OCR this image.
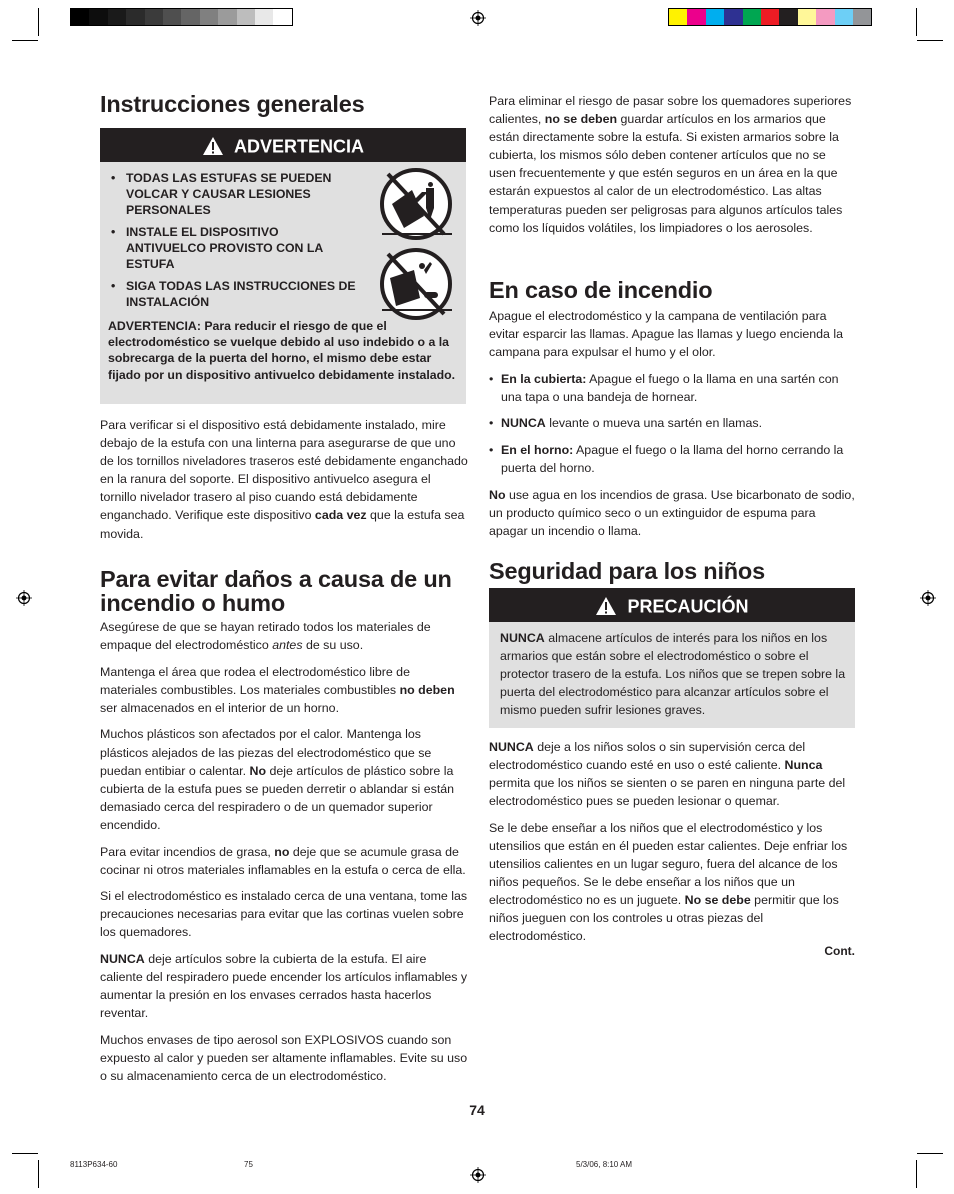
Instrucciones generales
ADVERTENCIA
• TODAS LAS ESTUFAS SE PUEDEN VOLCAR Y CAUSAR LESIONES PERSONALES
• INSTALE EL DISPOSITIVO ANTIVUELCO PROVISTO CON LA ESTUFA
• SIGA TODAS LAS INSTRUCCIONES DE INSTALACIÓN
ADVERTENCIA: Para reducir el riesgo de que el electrodoméstico se vuelque debido al uso indebido o a la sobrecarga de la puerta del horno, el mismo debe estar fijado por un dispositivo antivuelco debidamente instalado.

Para verificar si el dispositivo está debidamente instalado, mire debajo de la estufa con una linterna para asegurarse de que uno de los tornillos niveladores traseros esté debidamente enganchado en la ranura del soporte. El dispositivo antivuelco asegura el tornillo nivelador trasero al piso cuando está debidamente enganchado. Verifique este dispositivo cada vez que la estufa sea movida.

Para evitar daños a causa de un incendio o humo

Asegúrese de que se hayan retirado todos los materiales de empaque del electrodoméstico antes de su uso.

Mantenga el área que rodea el electrodoméstico libre de materiales combustibles. Los materiales combustibles no deben ser almacenados en el interior de un horno.

Muchos plásticos son afectados por el calor. Mantenga los plásticos alejados de las piezas del electrodoméstico que se puedan entibiar o calentar. No deje artículos de plástico sobre la cubierta de la estufa pues se pueden derretir o ablandar si están demasiado cerca del respiradero o de un quemador superior encendido.

Para evitar incendios de grasa, no deje que se acumule grasa de cocinar ni otros materiales inflamables en la estufa o cerca de ella.

Si el electrodoméstico es instalado cerca de una ventana, tome las precauciones necesarias para evitar que las cortinas vuelen sobre los quemadores.

NUNCA deje artículos sobre la cubierta de la estufa. El aire caliente del respiradero puede encender los artículos inflamables y aumentar la presión en los envases cerrados hasta hacerlos reventar.

Muchos envases de tipo aerosol son EXPLOSIVOS cuando son expuesto al calor y pueden ser altamente inflamables. Evite su uso o su almacenamiento cerca de un electrodoméstico.

Para eliminar el riesgo de pasar sobre los quemadores superiores calientes, no se deben guardar artículos en los armarios que están directamente sobre la estufa. Si existen armarios sobre la cubierta, los mismos sólo deben contener artículos que no se usen frecuentemente y que estén seguros en un área en la que estarán expuestos al calor de un electrodoméstico. Las altas temperaturas pueden ser peligrosas para algunos artículos tales como los líquidos volátiles, los limpiadores o los aerosoles.

En caso de incendio

Apague el electrodoméstico y la campana de ventilación para evitar esparcir las llamas. Apague las llamas y luego encienda la campana para expulsar el humo y el olor.

• En la cubierta: Apague el fuego o la llama en una sartén con una tapa o una bandeja de hornear.
• NUNCA levante o mueva una sartén en llamas.
• En el horno: Apague el fuego o la llama del horno cerrando la puerta del horno.

No use agua en los incendios de grasa. Use bicarbonato de sodio, un producto químico seco o un extinguidor de espuma para apagar un incendio o llama.

Seguridad para los niños
PRECAUCIÓN
NUNCA almacene artículos de interés para los niños en los armarios que están sobre el electrodoméstico o sobre el protector trasero de la estufa. Los niños que se trepen sobre la puerta del electrodoméstico para alcanzar artículos sobre el mismo pueden sufrir lesiones graves.

NUNCA deje a los niños solos o sin supervisión cerca del electrodoméstico cuando esté en uso o esté caliente. Nunca permita que los niños se sienten o se paren en ninguna parte del electrodoméstico pues se pueden lesionar o quemar.

Se le debe enseñar a los niños que el electrodoméstico y los utensilios que están en él pueden estar calientes. Deje enfriar los utensilios calientes en un lugar seguro, fuera del alcance de los niños pequeños. Se le debe enseñar a los niños que un electrodoméstico no es un juguete. No se debe permitir que los niños jueguen con los controles u otras piezas del electrodoméstico.

Cont.
74
8113P634-60	75	5/3/06, 8:10 AM
